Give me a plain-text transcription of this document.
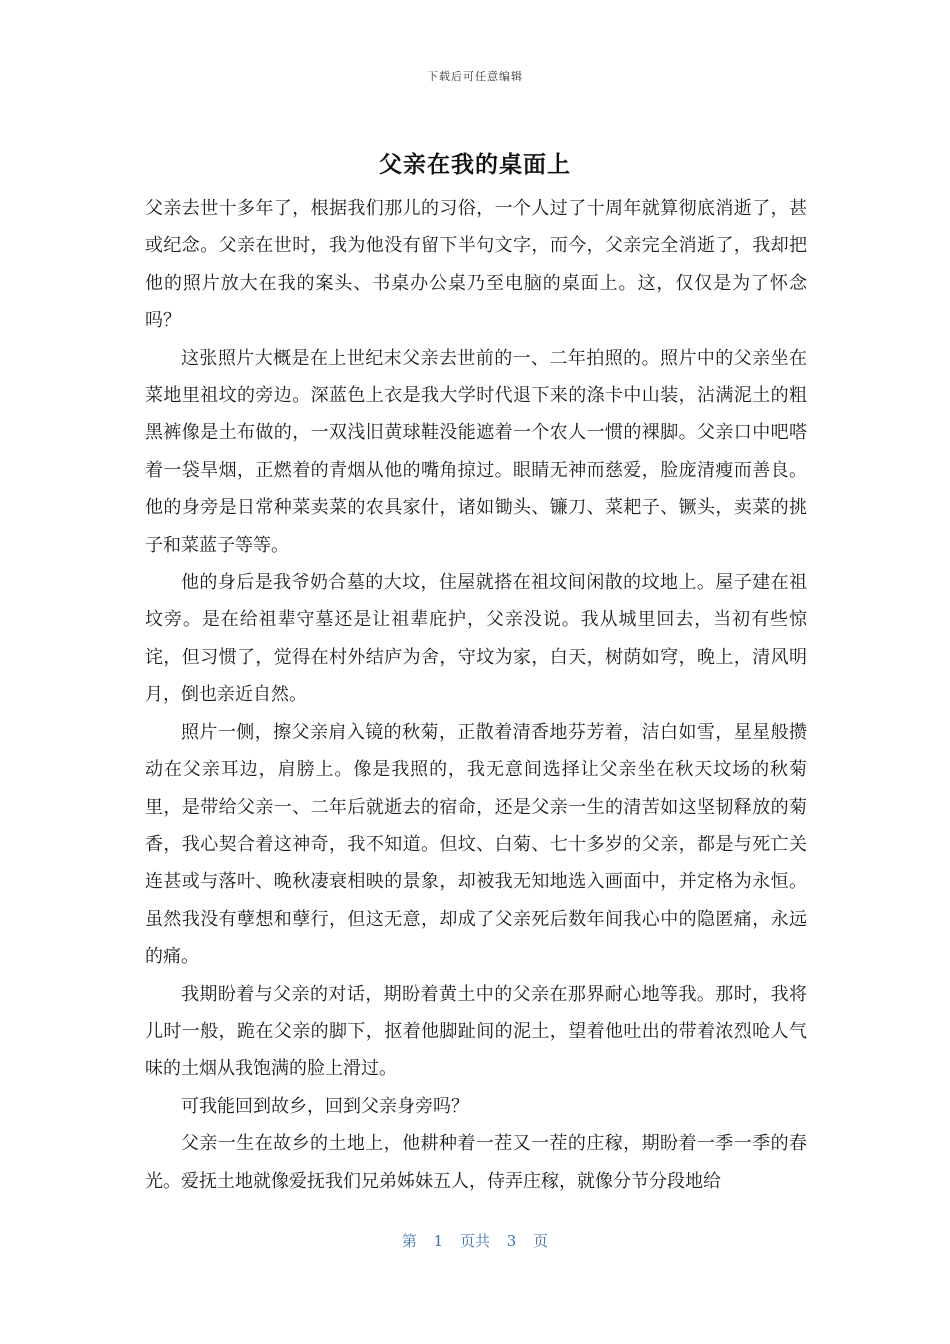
下载后可任意编辑
父亲在我的桌面上

父亲去世十多年了，根据我们那儿的习俗，一个人过了十周年就算彻底消逝了，甚或纪念。父亲在世时，我为他没有留下半句文字，而今，父亲完全消逝了，我却把他的照片放大在我的案头、书桌办公桌乃至电脑的桌面上。这，仅仅是为了怀念吗？

这张照片大概是在上世纪末父亲去世前的一、二年拍照的。照片中的父亲坐在菜地里祖坟的旁边。深蓝色上衣是我大学时代退下来的涤卡中山装，沾满泥土的粗黑裤像是土布做的，一双浅旧黄球鞋没能遮着一个农人一惯的裸脚。父亲口中吧嗒着一袋旱烟，正燃着的青烟从他的嘴角掠过。眼睛无神而慈爱，脸庞清瘦而善良。他的身旁是日常种菜卖菜的农具家什，诸如锄头、镰刀、菜耙子、镢头，卖菜的挑子和菜蓝子等等。

他的身后是我爷奶合墓的大坟，住屋就搭在祖坟间闲散的坟地上。屋子建在祖坟旁。是在给祖辈守墓还是让祖辈庇护，父亲没说。我从城里回去，当初有些惊诧，但习惯了，觉得在村外结庐为舍，守坟为家，白天，树荫如穹，晚上，清风明月，倒也亲近自然。

照片一侧，擦父亲肩入镜的秋菊，正散着清香地芬芳着，洁白如雪，星星般攒动在父亲耳边，肩膀上。像是我照的，我无意间选择让父亲坐在秋天坟场的秋菊里，是带给父亲一、二年后就逝去的宿命，还是父亲一生的清苦如这坚韧释放的菊香，我心契合着这神奇，我不知道。但坟、白菊、七十多岁的父亲，都是与死亡关连甚或与落叶、晚秋凄衰相映的景象，却被我无知地选入画面中，并定格为永恒。虽然我没有孽想和孽行，但这无意，却成了父亲死后数年间我心中的隐匿痛，永远的痛。

我期盼着与父亲的对话，期盼着黄土中的父亲在那界耐心地等我。那时，我将儿时一般，跪在父亲的脚下，抠着他脚趾间的泥土，望着他吐出的带着浓烈呛人气味的土烟从我饱满的脸上滑过。

可我能回到故乡，回到父亲身旁吗？

父亲一生在故乡的土地上，他耕种着一茬又一茬的庄稼，期盼着一季一季的春光。爱抚土地就像爱抚我们兄弟姊妹五人，侍弄庄稼，就像分节分段地给

第 1 页共 3 页
